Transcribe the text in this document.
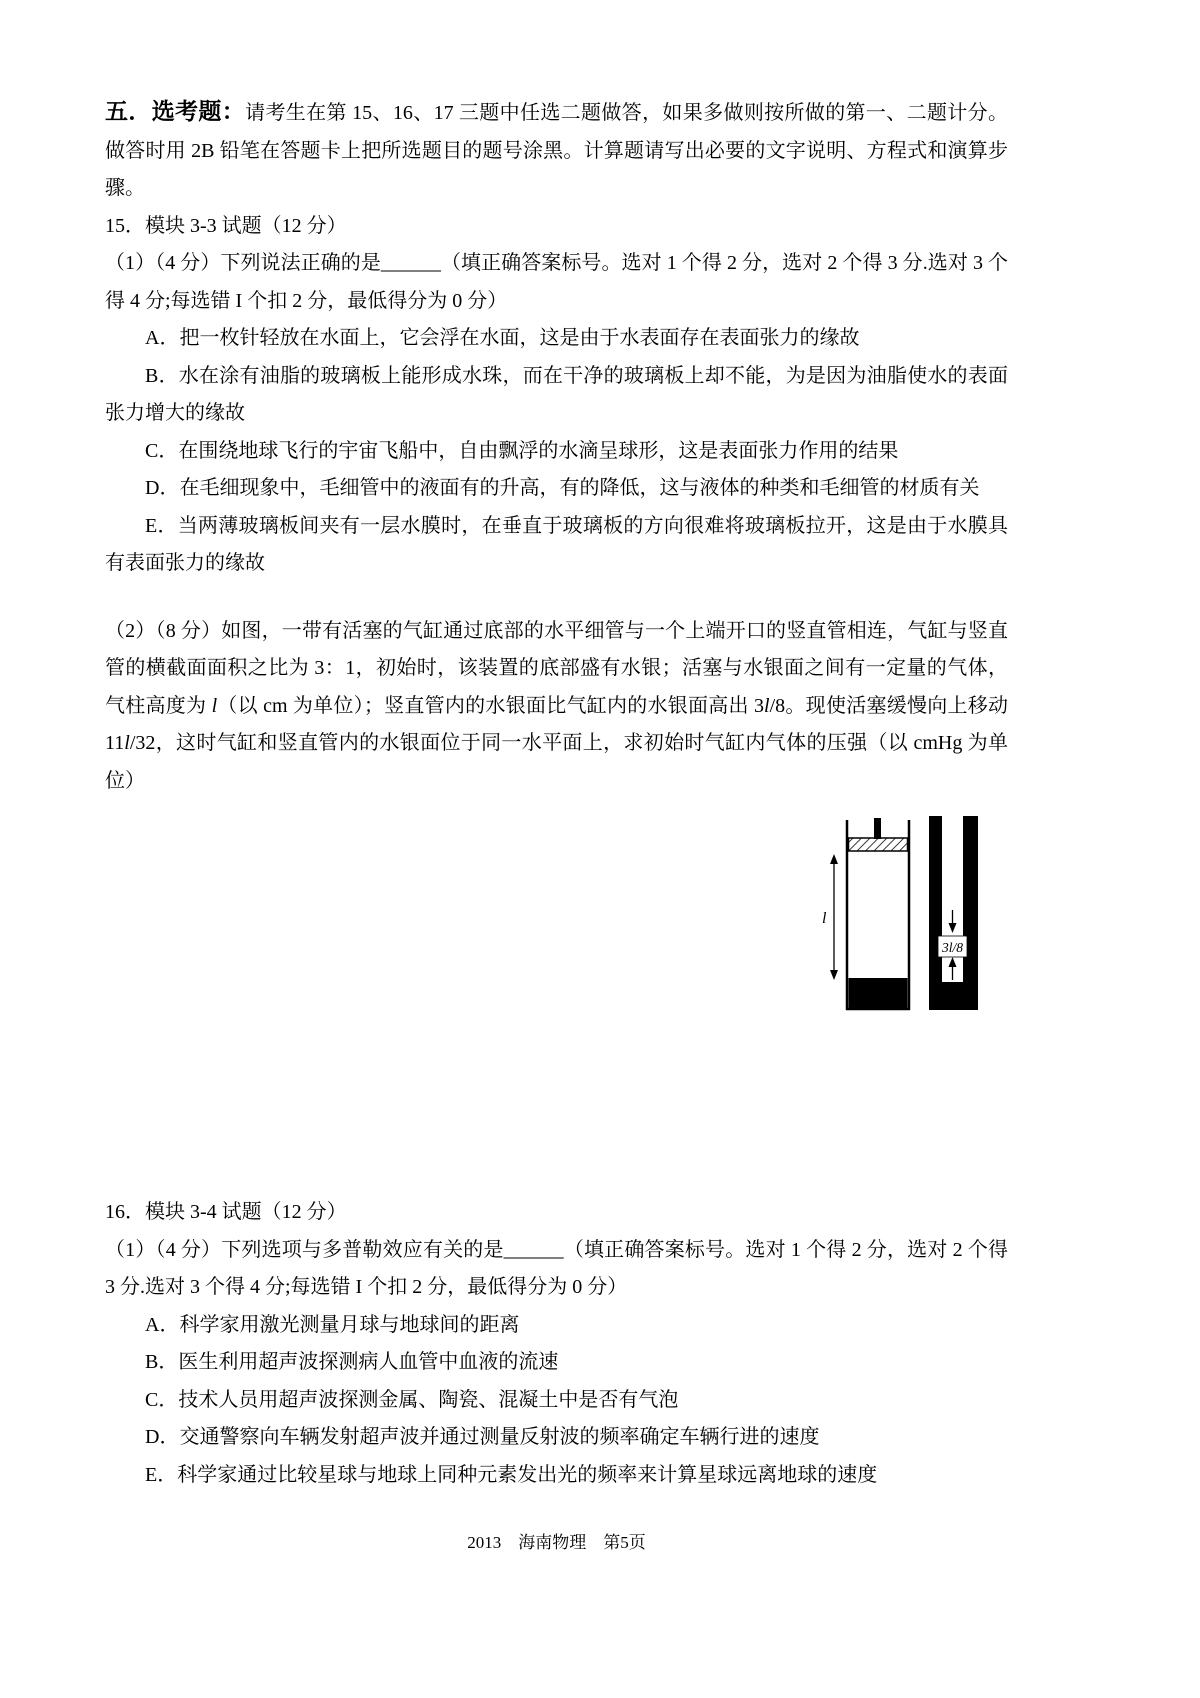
五．选考题：请考生在第 15、16、17 三题中任选二题做答，如果多做则按所做的第一、二题计分。做答时用 2B 铅笔在答题卡上把所选题目的题号涂黑。计算题请写出必要的文字说明、方程式和演算步骤。

15．模块 3-3 试题（12 分）

（1）（4 分）下列说法正确的是______（填正确答案标号。选对 1 个得 2 分，选对 2 个得 3 分.选对 3 个得 4 分;每选错 I 个扣 2 分，最低得分为 0 分）

A．把一枚针轻放在水面上，它会浮在水面，这是由于水表面存在表面张力的缘故

B．水在涂有油脂的玻璃板上能形成水珠，而在干净的玻璃板上却不能，为是因为油脂使水的表面张力增大的缘故

C．在围绕地球飞行的宇宙飞船中，自由飘浮的水滴呈球形，这是表面张力作用的结果

D．在毛细现象中，毛细管中的液面有的升高，有的降低，这与液体的种类和毛细管的材质有关

E．当两薄玻璃板间夹有一层水膜时，在垂直于玻璃板的方向很难将玻璃板拉开，这是由于水膜具有表面张力的缘故

（2）（8 分）如图，一带有活塞的气缸通过底部的水平细管与一个上端开口的竖直管相连，气缸与竖直管的横截面面积之比为 3：1，初始时，该装置的底部盛有水银；活塞与水银面之间有一定量的气体，气柱高度为 l（以 cm 为单位）；竖直管内的水银面比气缸内的水银面高出 3l/8。现使活塞缓慢向上移动 11l/32，这时气缸和竖直管内的水银面位于同一水平面上，求初始时气缸内气体的压强（以 cmHg 为单位）

l
3l/8

16．模块 3-4 试题（12 分）

（1）（4 分）下列选项与多普勒效应有关的是______（填正确答案标号。选对 1 个得 2 分，选对 2 个得 3 分.选对 3 个得 4 分;每选错 I 个扣 2 分，最低得分为 0 分）

A．科学家用激光测量月球与地球间的距离

B．医生利用超声波探测病人血管中血液的流速

C．技术人员用超声波探测金属、陶瓷、混凝土中是否有气泡

D．交通警察向车辆发射超声波并通过测量反射波的频率确定车辆行进的速度

E．科学家通过比较星球与地球上同种元素发出光的频率来计算星球远离地球的速度

2013　海南物理　第5页
